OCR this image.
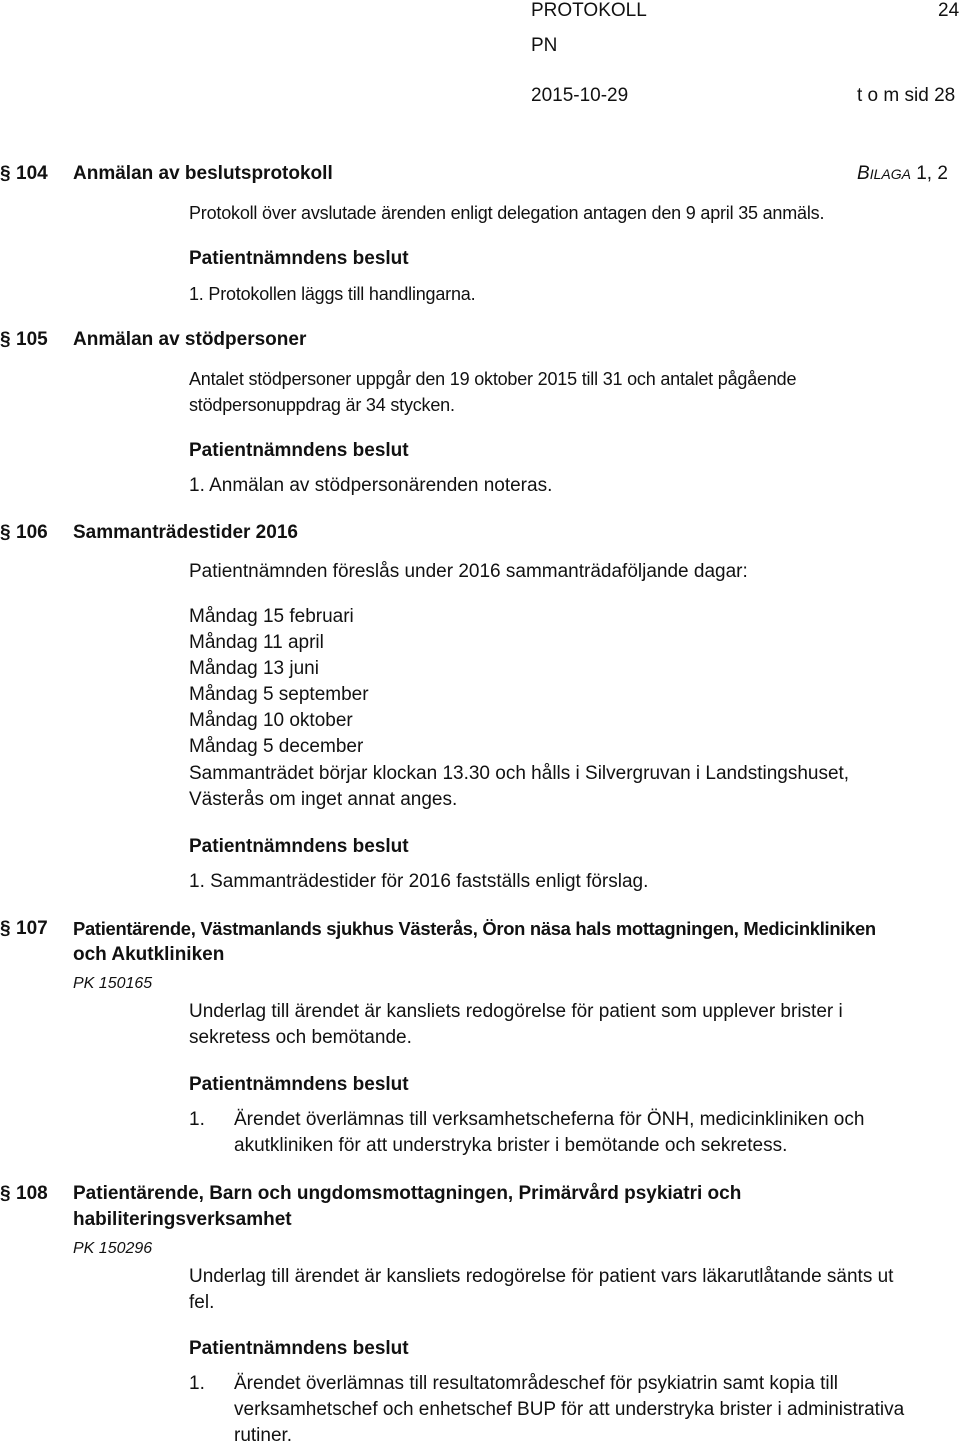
PROTOKOLL	24
PN
2015-10-29	t o m sid 28
§ 104 Anmälan av beslutsprotokoll	BILAGA 1, 2
Protokoll över avslutade ärenden enligt delegation antagen den 9 april 35 anmäls.
Patientnämndens beslut
1. Protokollen läggs till handlingarna.
§ 105 Anmälan av stödpersoner
Antalet stödpersoner uppgår den 19 oktober 2015 till 31 och antalet pågående
stödpersonuppdrag är 34 stycken.
Patientnämndens beslut
1. Anmälan av stödpersonärenden noteras.
§ 106 Sammanträdestider 2016
Patientnämnden föreslås under 2016 sammanträdaföljande dagar:
Måndag 15 februari
Måndag 11 april
Måndag 13 juni
Måndag 5 september
Måndag 10 oktober
Måndag 5 december
Sammanträdet börjar klockan 13.30 och hålls i Silvergruvan i Landstingshuset,
Västerås om inget annat anges.
Patientnämndens beslut
1. Sammanträdestider för 2016 fastställs enligt förslag.
§ 107 Patientärende, Västmanlands sjukhus Västerås, Öron näsa hals mottagningen, Medicinkliniken
och Akutkliniken
PK 150165
Underlag till ärendet är kansliets redogörelse för patient som upplever brister i
sekretess och bemötande.
Patientnämndens beslut
1. Ärendet överlämnas till verksamhetscheferna för ÖNH, medicinkliniken och
akutkliniken för att understryka brister i bemötande och sekretess.
§ 108 Patientärende, Barn och ungdomsmottagningen, Primärvård psykiatri och
habiliteringsverksamhet
PK 150296
Underlag till ärendet är kansliets redogörelse för patient vars läkarutlåtande sänts ut
fel.
Patientnämndens beslut
1. Ärendet överlämnas till resultatområdeschef för psykiatrin samt kopia till
verksamhetschef och enhetschef BUP för att understryka brister i administrativa
rutiner.
